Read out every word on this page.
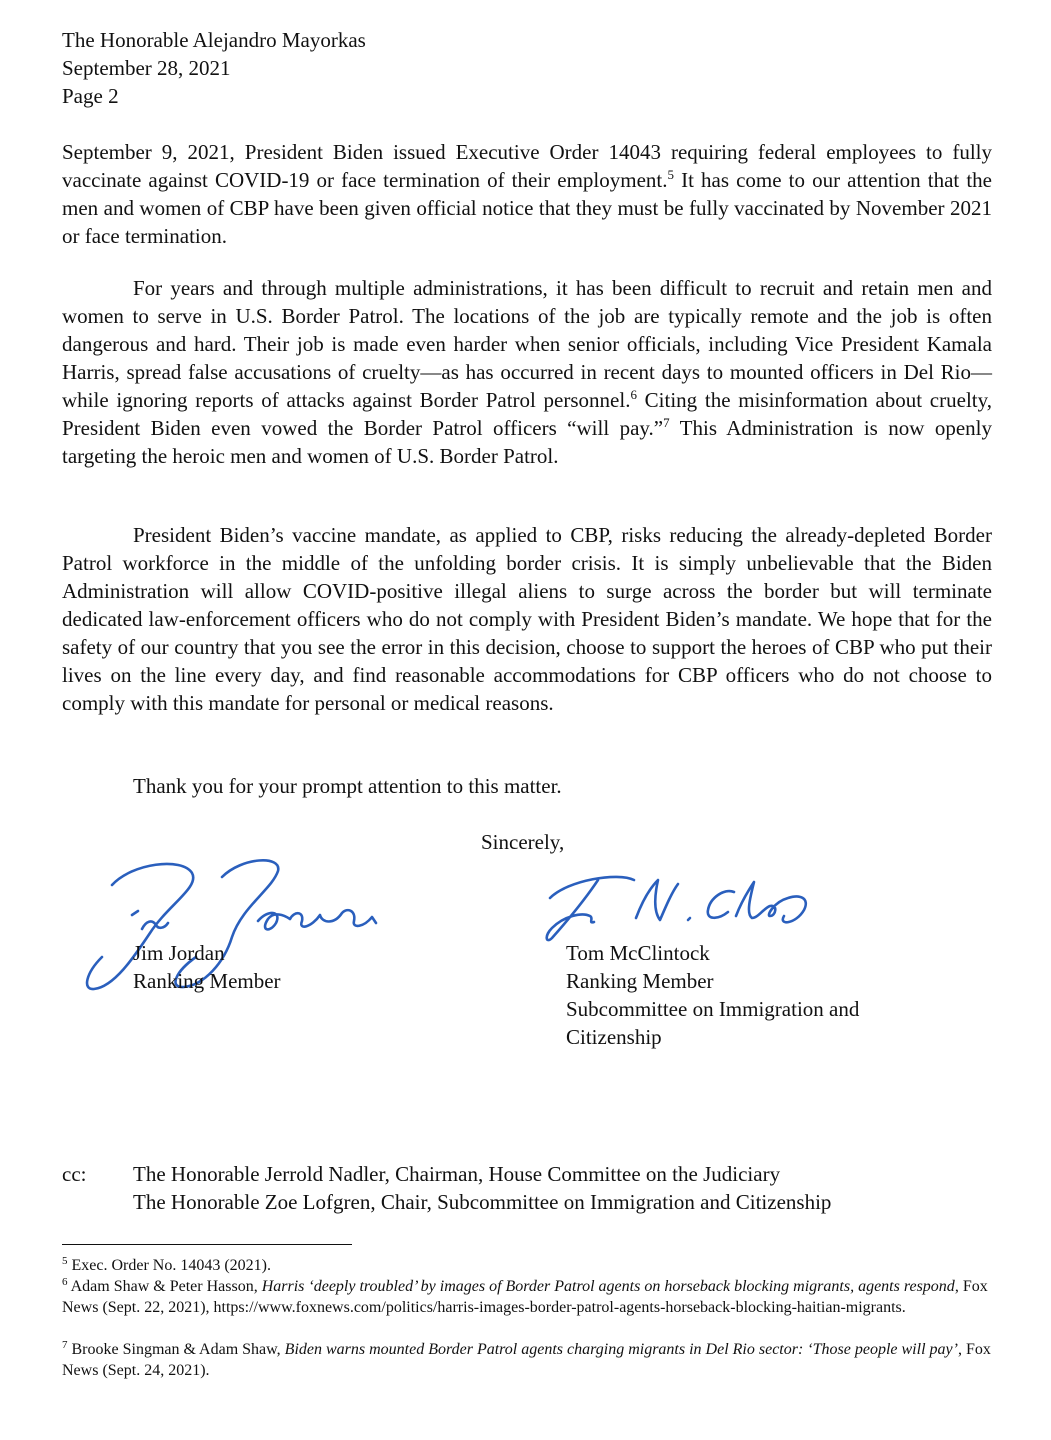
The Honorable Alejandro Mayorkas
September 28, 2021
Page 2

September 9, 2021, President Biden issued Executive Order 14043 requiring federal employees to fully vaccinate against COVID-19 or face termination of their employment.$^5$ It has come to our attention that the men and women of CBP have been given official notice that they must be fully vaccinated by November 2021 or face termination.

For years and through multiple administrations, it has been difficult to recruit and retain men and women to serve in U.S. Border Patrol. The locations of the job are typically remote and the job is often dangerous and hard. Their job is made even harder when senior officials, including Vice President Kamala Harris, spread false accusations of cruelty—as has occurred in recent days to mounted officers in Del Rio—while ignoring reports of attacks against Border Patrol personnel.$^6$ Citing the misinformation about cruelty, President Biden even vowed the Border Patrol officers “will pay.”$^7$ This Administration is now openly targeting the heroic men and women of U.S. Border Patrol.

President Biden’s vaccine mandate, as applied to CBP, risks reducing the already-depleted Border Patrol workforce in the middle of the unfolding border crisis. It is simply unbelievable that the Biden Administration will allow COVID-positive illegal aliens to surge across the border but will terminate dedicated law-enforcement officers who do not comply with President Biden’s mandate. We hope that for the safety of our country that you see the error in this decision, choose to support the heroes of CBP who put their lives on the line every day, and find reasonable accommodations for CBP officers who do not choose to comply with this mandate for personal or medical reasons.

Thank you for your prompt attention to this matter.

Sincerely,
Jim Jordan
Ranking Member
Tom McClintock
Ranking Member
Subcommittee on Immigration and
Citizenship
cc: The Honorable Jerrold Nadler, Chairman, House Committee on the Judiciary
The Honorable Zoe Lofgren, Chair, Subcommittee on Immigration and Citizenship
$^5$ Exec. Order No. 14043 (2021).
$^6$ Adam Shaw & Peter Hasson, Harris ‘deeply troubled’ by images of Border Patrol agents on horseback blocking migrants, agents respond, Fox News (Sept. 22, 2021), https://www.foxnews.com/politics/harris-images-border-patrol-agents-horseback-blocking-haitian-migrants.
$^7$ Brooke Singman & Adam Shaw, Biden warns mounted Border Patrol agents charging migrants in Del Rio sector: ‘Those people will pay’, Fox News (Sept. 24, 2021).
